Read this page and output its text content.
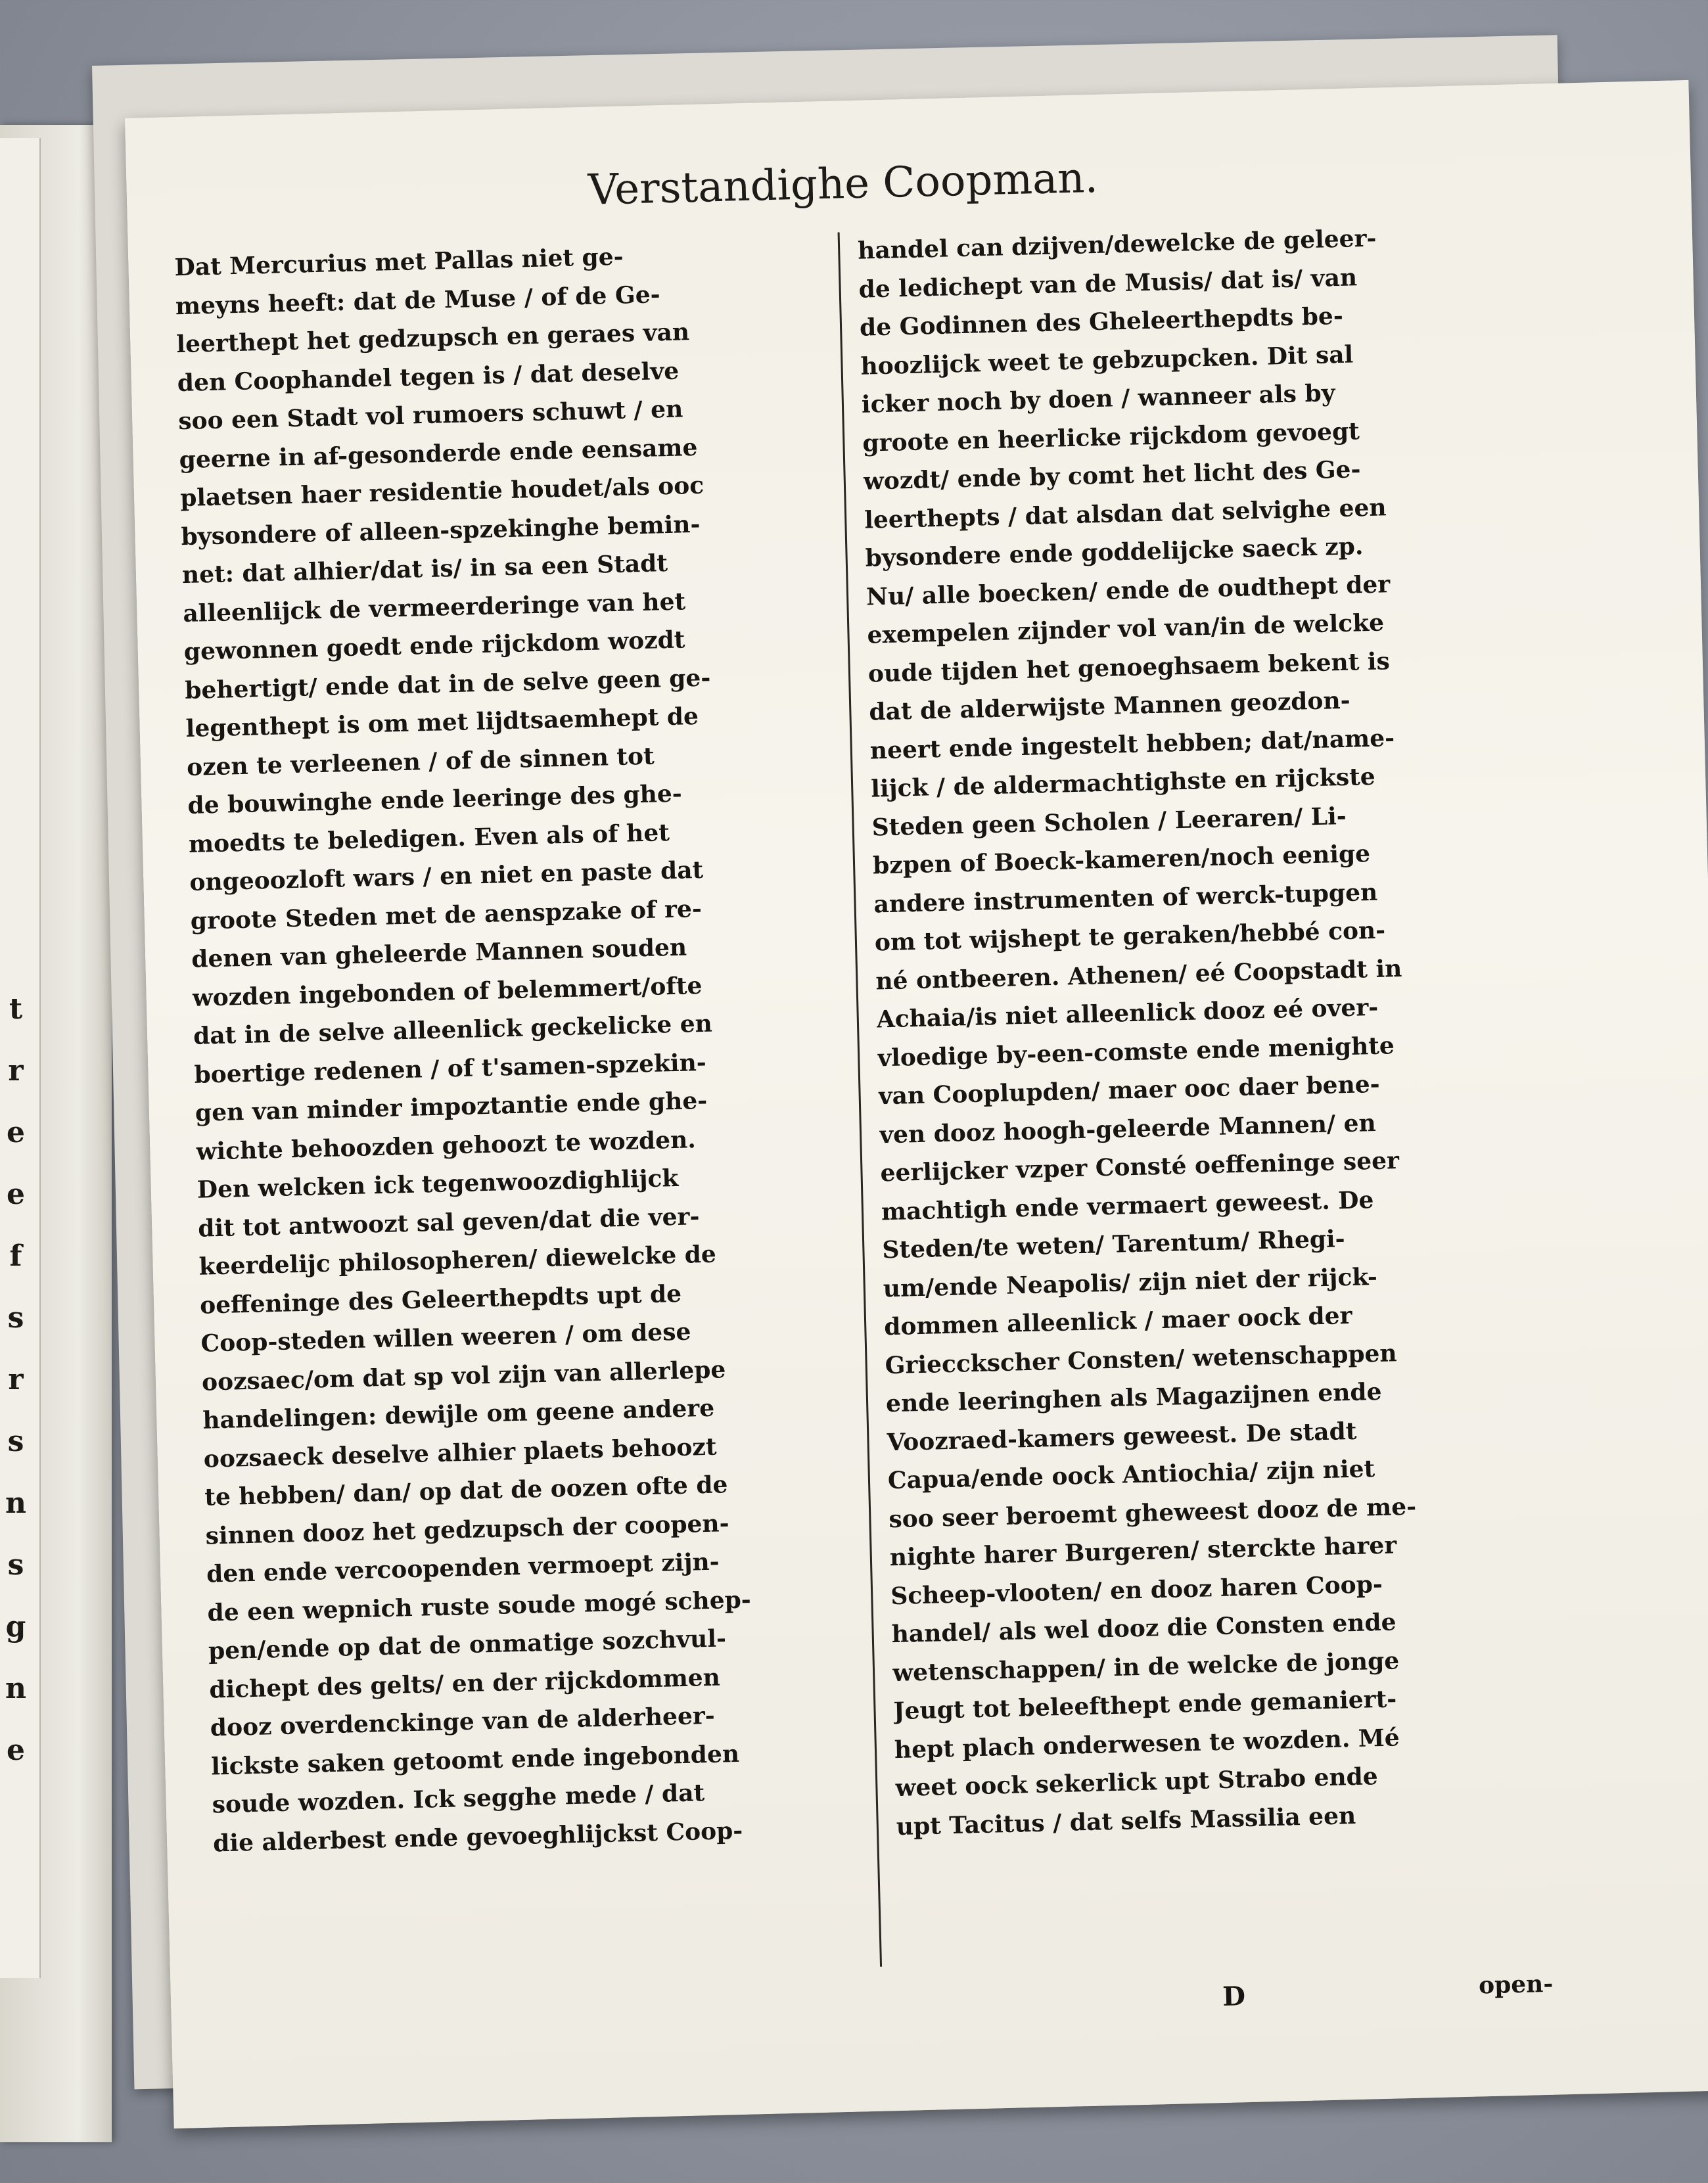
t
r
e
e
f
s
r
s
n
s
g
n
e
Verstandighe Coopman.
Dat Mercurius met Pallas niet ge-
meyns heeft: dat de Muse / of de Ge-
leerthept het gedzupsch en geraes van
den Coophandel tegen is / dat deselve
soo een Stadt vol rumoers schuwt / en
geerne in af-gesonderde ende eensame
plaetsen haer residentie houdet/als ooc
bysondere of alleen-spzekinghe bemin-
net: dat alhier/dat is/ in sa een Stadt
alleenlijck de vermeerderinge van het
gewonnen goedt ende rijckdom wozdt
behertigt/ ende dat in de selve geen ge-
legenthept is om met lijdtsaemhept de
ozen te verleenen / of de sinnen tot
de bouwinghe ende leeringe des ghe-
moedts te beledigen. Even als of het
ongeoozloft wars / en niet en paste dat
groote Steden met de aenspzake of re-
denen van gheleerde Mannen souden
wozden ingebonden of belemmert/ofte
dat in de selve alleenlick geckelicke en
boertige redenen / of t'samen-spzekin-
gen van minder impoztantie ende ghe-
wichte behoozden gehoozt te wozden.
Den welcken ick tegenwoozdighlijck
dit tot antwoozt sal geven/dat die ver-
keerdelijc philosopheren/ diewelcke de
oeffeninge des Geleerthepdts upt de
Coop-steden willen weeren / om dese
oozsaec/om dat sp vol zijn van allerlepe
handelingen: dewijle om geene andere
oozsaeck deselve alhier plaets behoozt
te hebben/ dan/ op dat de oozen ofte de
sinnen dooz het gedzupsch der coopen-
den ende vercoopenden vermoept zijn-
de een wepnich ruste soude mogé schep-
pen/ende op dat de onmatige sozchvul-
dichept des gelts/ en der rijckdommen
dooz overdenckinge van de alderheer-
lickste saken getoomt ende ingebonden
soude wozden. Ick segghe mede / dat
die alderbest ende gevoeghlijckst Coop-
handel can dzijven/dewelcke de geleer-
de ledichept van de Musis/ dat is/ van
de Godinnen des Gheleerthepdts be-
hoozlijck weet te gebzupcken. Dit sal
icker noch by doen / wanneer als by
groote en heerlicke rijckdom gevoegt
wozdt/ ende by comt het licht des Ge-
leerthepts / dat alsdan dat selvighe een
bysondere ende goddelijcke saeck zp.
Nu/ alle boecken/ ende de oudthept der
exempelen zijnder vol van/in de welcke
oude tijden het genoeghsaem bekent is
dat de alderwijste Mannen geozdon-
neert ende ingestelt hebben; dat/name-
lijck / de aldermachtighste en rijckste
Steden geen Scholen / Leeraren/ Li-
bzpen of Boeck-kameren/noch eenige
andere instrumenten of werck-tupgen
om tot wijshept te geraken/hebbé con-
né ontbeeren. Athenen/ eé Coopstadt in
Achaia/is niet alleenlick dooz eé over-
vloedige by-een-comste ende menighte
van Cooplupden/ maer ooc daer bene-
ven dooz hoogh-geleerde Mannen/ en
eerlijcker vzper Consté oeffeninge seer
machtigh ende vermaert geweest. De
Steden/te weten/ Tarentum/ Rhegi-
um/ende Neapolis/ zijn niet der rijck-
dommen alleenlick / maer oock der
Griecckscher Consten/ wetenschappen
ende leeringhen als Magazijnen ende
Voozraed-kamers geweest. De stadt
Capua/ende oock Antiochia/ zijn niet
soo seer beroemt gheweest dooz de me-
nighte harer Burgeren/ sterckte harer
Scheep-vlooten/ en dooz haren Coop-
handel/ als wel dooz die Consten ende
wetenschappen/ in de welcke de jonge
Jeugt tot beleefthept ende gemaniert-
hept plach onderwesen te wozden. Mé
weet oock sekerlick upt Strabo ende
upt Tacitus / dat selfs Massilia een
D	open-
